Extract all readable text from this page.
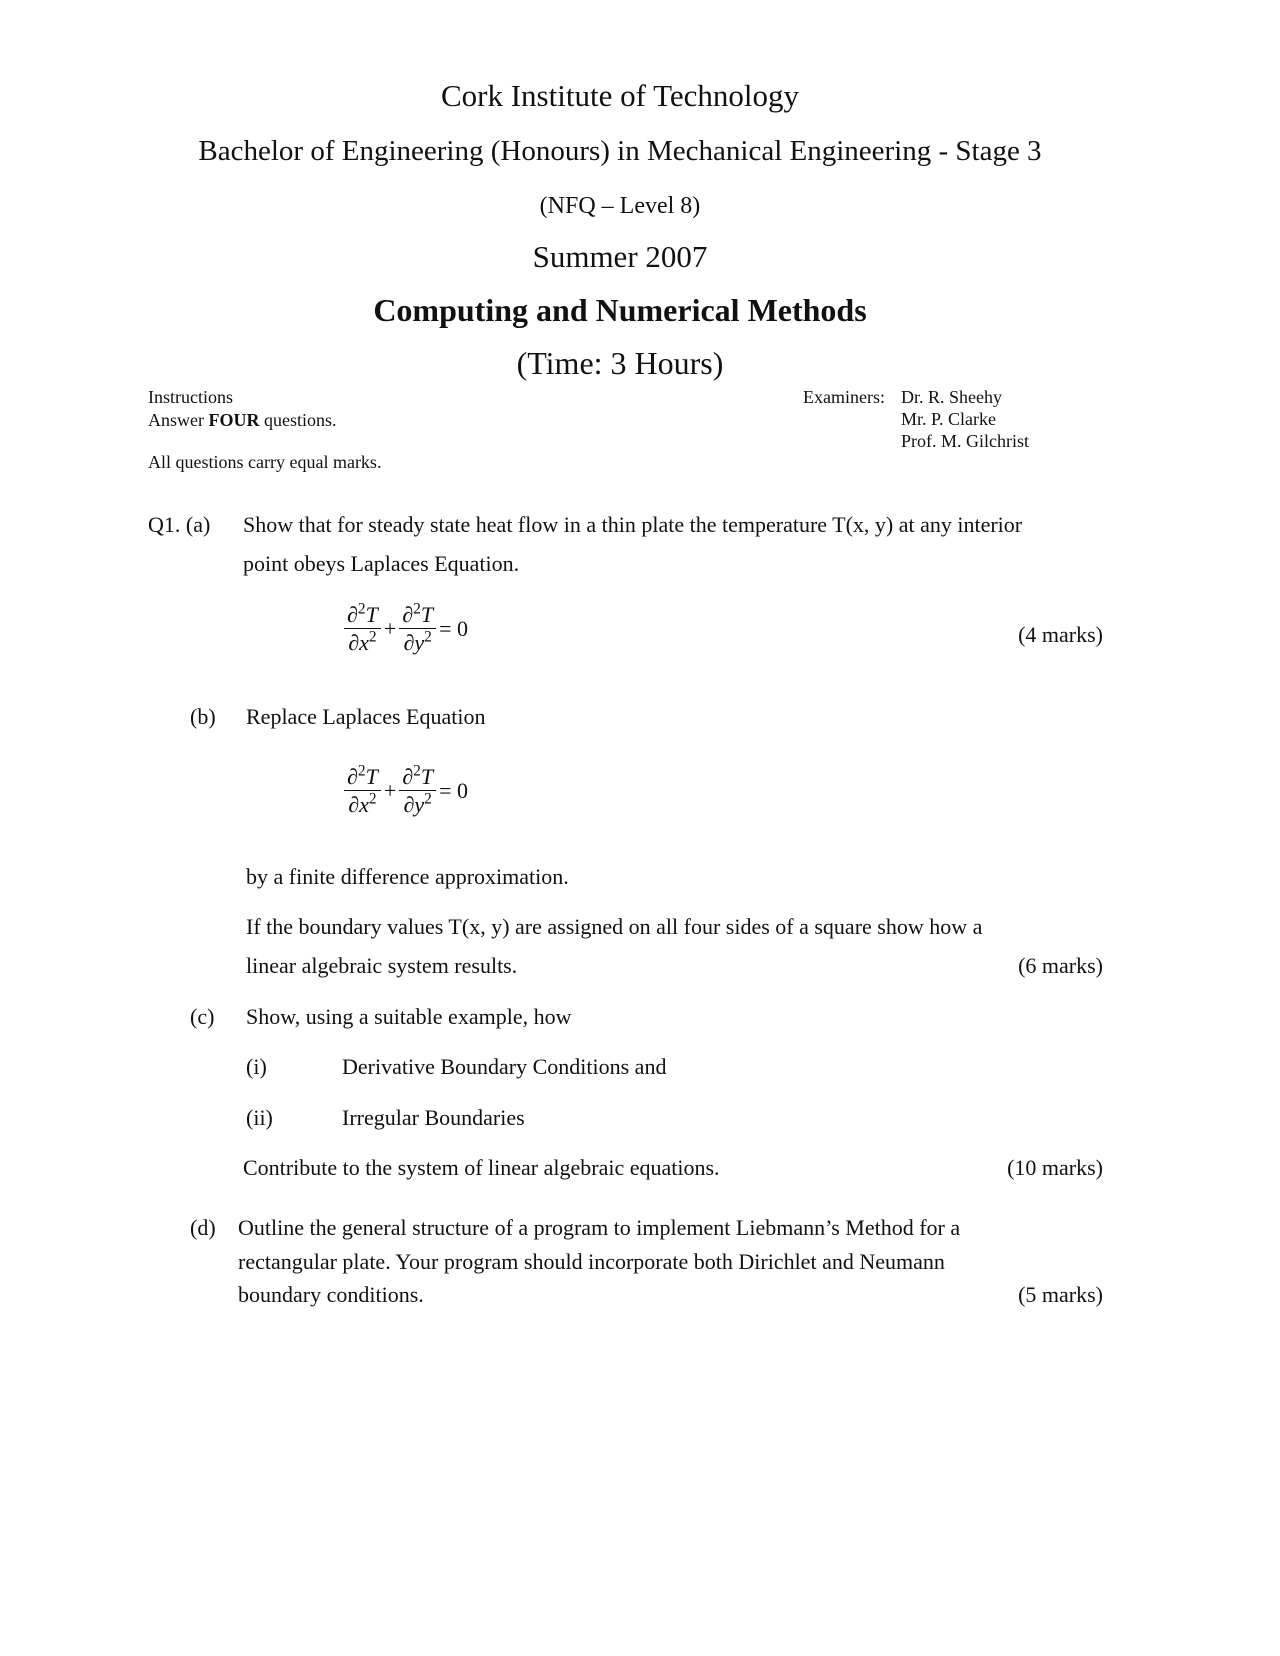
Cork Institute of Technology
Bachelor of Engineering (Honours) in Mechanical Engineering - Stage 3
(NFQ – Level 8)
Summer 2007
Computing and Numerical Methods
(Time: 3 Hours)
Instructions
Answer FOUR questions.
All questions carry equal marks.
Examiners: Dr. R. Sheehy
Mr. P. Clarke
Prof. M. Gilchrist
Q1. (a) Show that for steady state heat flow in a thin plate the temperature T(x, y) at any interior
point obeys Laplaces Equation.
$\frac{\partial^2T}{\partial x^2} + \frac{\partial^2T}{\partial y^2} = 0$	(4 marks)
(b) Replace Laplaces Equation
$\frac{\partial^2T}{\partial x^2} + \frac{\partial^2T}{\partial y^2} = 0$
by a finite difference approximation.
If the boundary values T(x, y) are assigned on all four sides of a square show how a
linear algebraic system results.	(6 marks)
(c) Show, using a suitable example, how
(i)	Derivative Boundary Conditions and
(ii)	Irregular Boundaries
Contribute to the system of linear algebraic equations.	(10 marks)
(d) Outline the general structure of a program to implement Liebmann’s Method for a
rectangular plate. Your program should incorporate both Dirichlet and Neumann
boundary conditions.	(5 marks)
